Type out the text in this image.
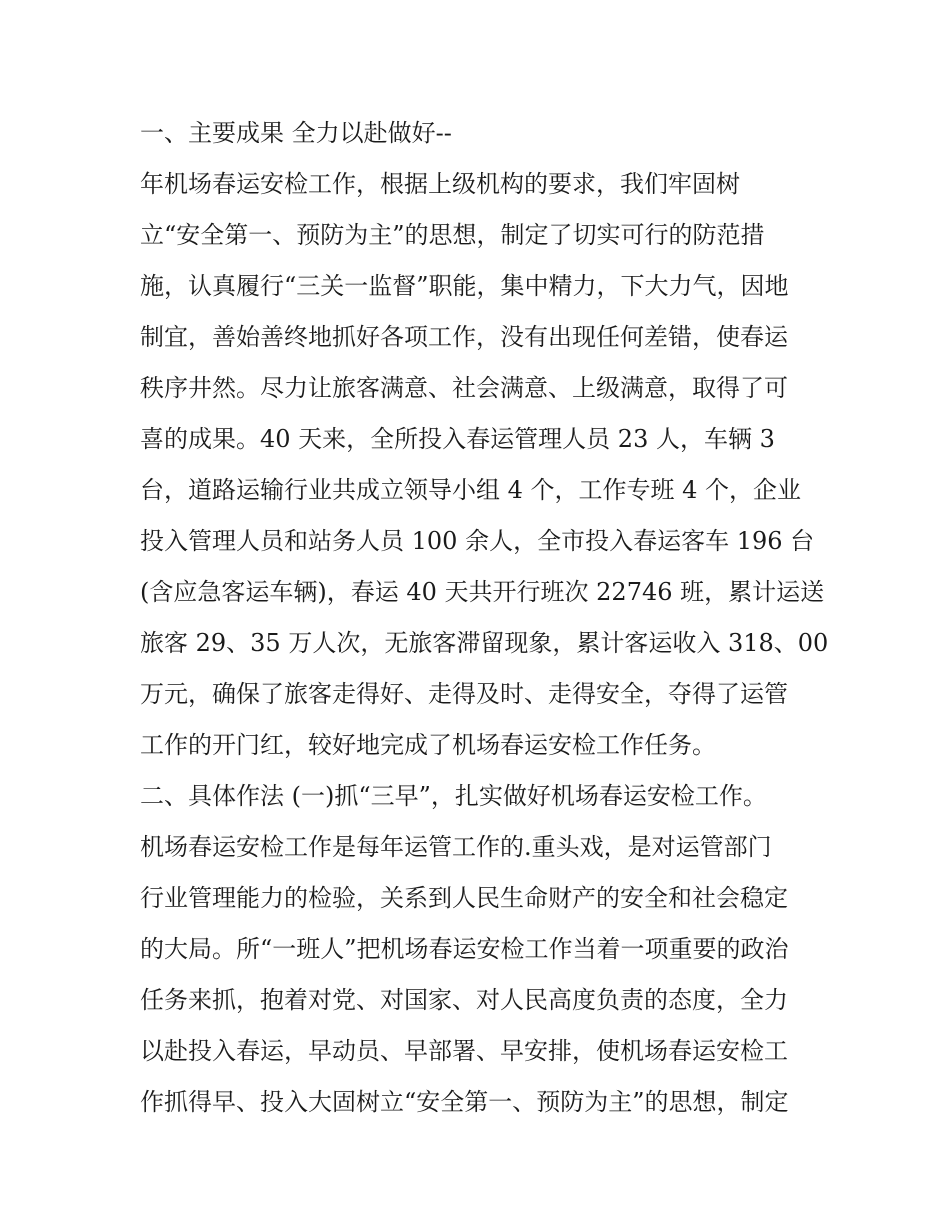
一、主要成果 全力以赴做好--
年机场春运安检工作，根据上级机构的要求，我们牢固树
立“安全第一、预防为主”的思想，制定了切实可行的防范措
施，认真履行“三关一监督”职能，集中精力，下大力气，因地
制宜，善始善终地抓好各项工作，没有出现任何差错，使春运
秩序井然。尽力让旅客满意、社会满意、上级满意，取得了可
喜的成果。40 天来，全所投入春运管理人员 23 人，车辆 3
台，道路运输行业共成立领导小组 4 个，工作专班 4 个，企业
投入管理人员和站务人员 100 余人，全市投入春运客车 196 台
(含应急客运车辆)，春运 40 天共开行班次 22746 班，累计运送
旅客 29、35 万人次，无旅客滞留现象，累计客运收入 318、00
万元，确保了旅客走得好、走得及时、走得安全，夺得了运管
工作的开门红，较好地完成了机场春运安检工作任务。
二、具体作法 (一)抓“三早”，扎实做好机场春运安检工作。
机场春运安检工作是每年运管工作的.重头戏，是对运管部门
行业管理能力的检验，关系到人民生命财产的安全和社会稳定
的大局。所“一班人”把机场春运安检工作当着一项重要的政治
任务来抓，抱着对党、对国家、对人民高度负责的态度，全力
以赴投入春运，早动员、早部署、早安排，使机场春运安检工
作抓得早、投入大固树立“安全第一、预防为主”的思想，制定
